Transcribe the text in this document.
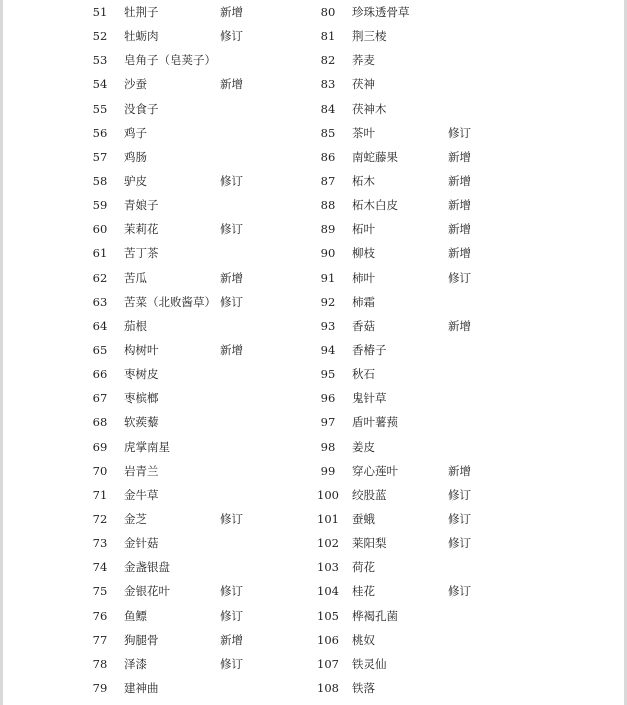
51	牡荆子	新增
52	牡蛎肉	修订
53	皂角子（皂荚子）
54	沙蚕	新增
55	没食子
56	鸡子
57	鸡肠
58	驴皮	修订
59	青娘子
60	茉莉花	修订
61	苦丁茶
62	苦瓜	新增
63	苦菜（北败酱草） 修订
64	茄根
65	构树叶	新增
66	枣树皮
67	枣槟榔
68	软蒺藜
69	虎掌南星
70	岩青兰
71	金牛草
72	金芝	修订
73	金针菇
74	金盏银盘
75	金银花叶	修订
76	鱼鳔	修订
77	狗腿骨	新增
78	泽漆	修订
79	建神曲
80	珍珠透骨草
81	荆三棱
82	荞麦
83	茯神
84	茯神木
85	茶叶	修订
86	南蛇藤果	新增
87	柘木	新增
88	柘木白皮	新增
89	柘叶	新增
90	柳枝	新增
91	柿叶	修订
92	柿霜
93	香菇	新增
94	香椿子
95	秋石
96	鬼针草
97	盾叶薯蓣
98	姜皮
99	穿心莲叶	新增
100 绞股蓝	修订
101 蚕蛾	修订
102 莱阳梨	修订
103 荷花
104 桂花	修订
105 桦褐孔菌
106 桃奴
107 铁灵仙
108 铁落
